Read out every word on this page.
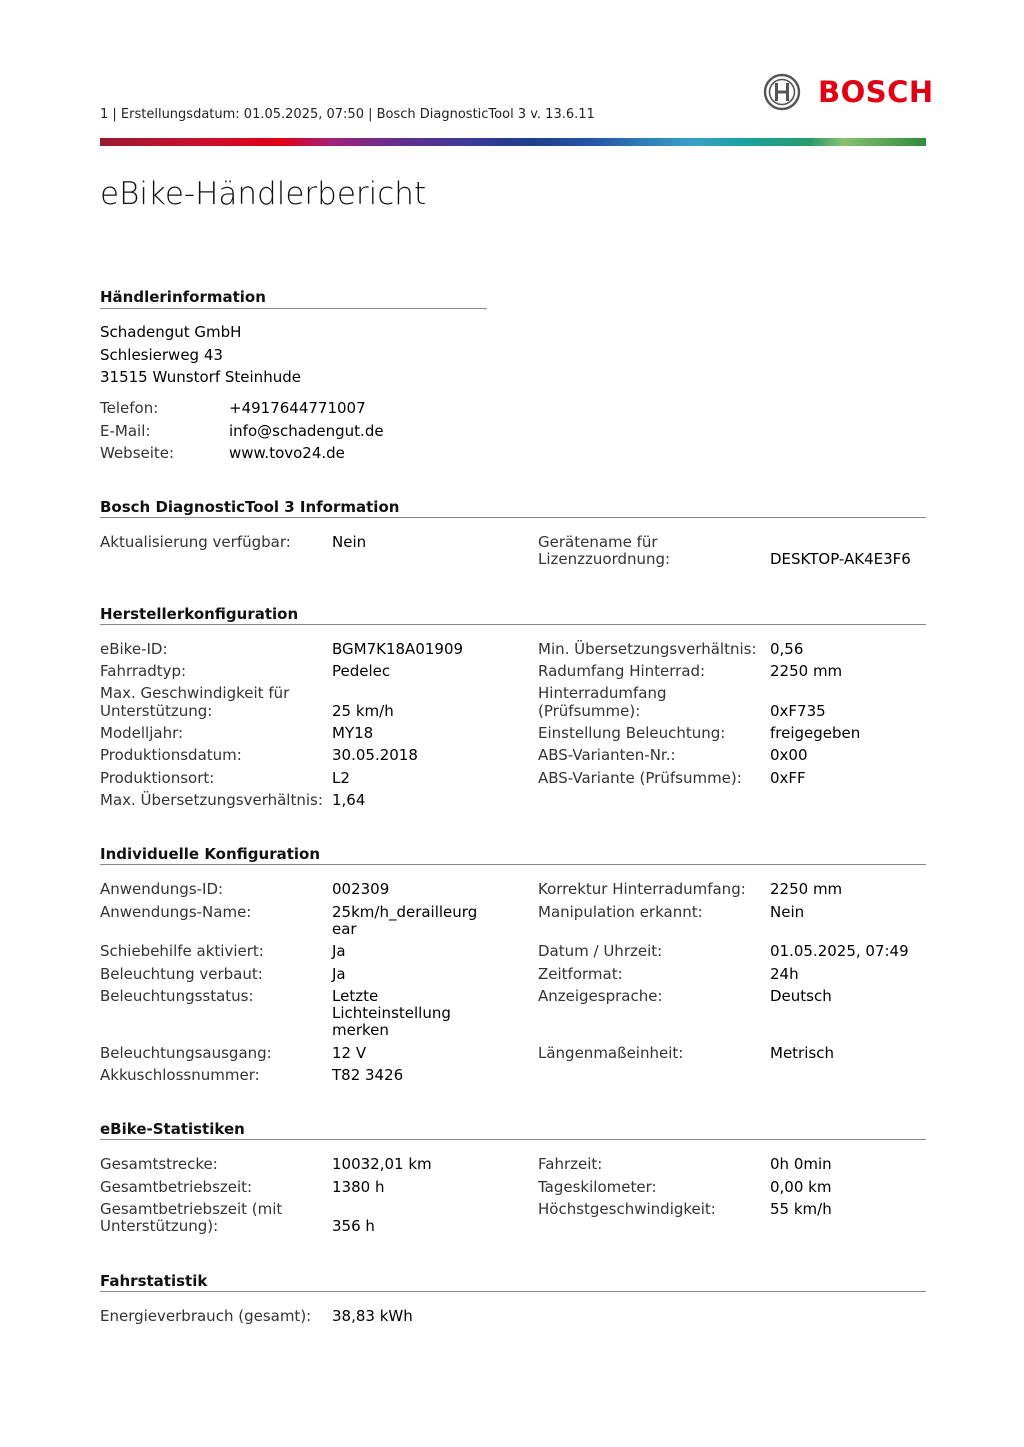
1 | Erstellungsdatum: 01.05.2025, 07:50 | Bosch DiagnosticTool 3 v. 13.6.11
BOSCH
eBike-Händlerbericht
Händlerinformation
Schadengut GmbH
Schlesierweg 43
31515 Wunstorf Steinhude
Telefon:	+4917644771007
E-Mail:	info@schadengut.de
Webseite:	www.tovo24.de
Bosch DiagnosticTool 3 Information
Aktualisierung verfügbar:	Nein	Gerätename für
Lizenzzuordnung:	DESKTOP-AK4E3F6
Herstellerkonfiguration
eBike-ID:	BGM7K18A01909
Fahrradtyp:	Pedelec
Max. Geschwindigkeit für
Unterstützung:	25 km/h
Modelljahr:	MY18
Produktionsdatum:	30.05.2018
Produktionsort:	L2
Max. Übersetzungsverhältnis: 1,64
Min. Übersetzungsverhältnis: 0,56
Radumfang Hinterrad:	2250 mm
Hinterradumfang
(Prüfsumme):	0xF735
Einstellung Beleuchtung:	freigegeben
ABS-Varianten-Nr.:	0x00
ABS-Variante (Prüfsumme): 0xFF
Individuelle Konfiguration
Anwendungs-ID:	002309
Anwendungs-Name:	25km/h_derailleurg
ear
Schiebehilfe aktiviert:	Ja
Beleuchtung verbaut:	Ja
Beleuchtungsstatus:	Letzte
Lichteinstellung
merken
Beleuchtungsausgang:	12 V
Akkuschlossnummer:	T82 3426
Korrektur Hinterradumfang: 2250 mm
Manipulation erkannt:	Nein
Datum / Uhrzeit:	01.05.2025, 07:49
Zeitformat:	24h
Anzeigesprache:	Deutsch
Längenmaßeinheit:	Metrisch
eBike-Statistiken
Gesamtstrecke:	10032,01 km
Gesamtbetriebszeit:	1380 h
Gesamtbetriebszeit (mit
Unterstützung):	356 h
Fahrzeit:	0h 0min
Tageskilometer:	0,00 km
Höchstgeschwindigkeit:	55 km/h
Fahrstatistik
Energieverbrauch (gesamt): 38,83 kWh
